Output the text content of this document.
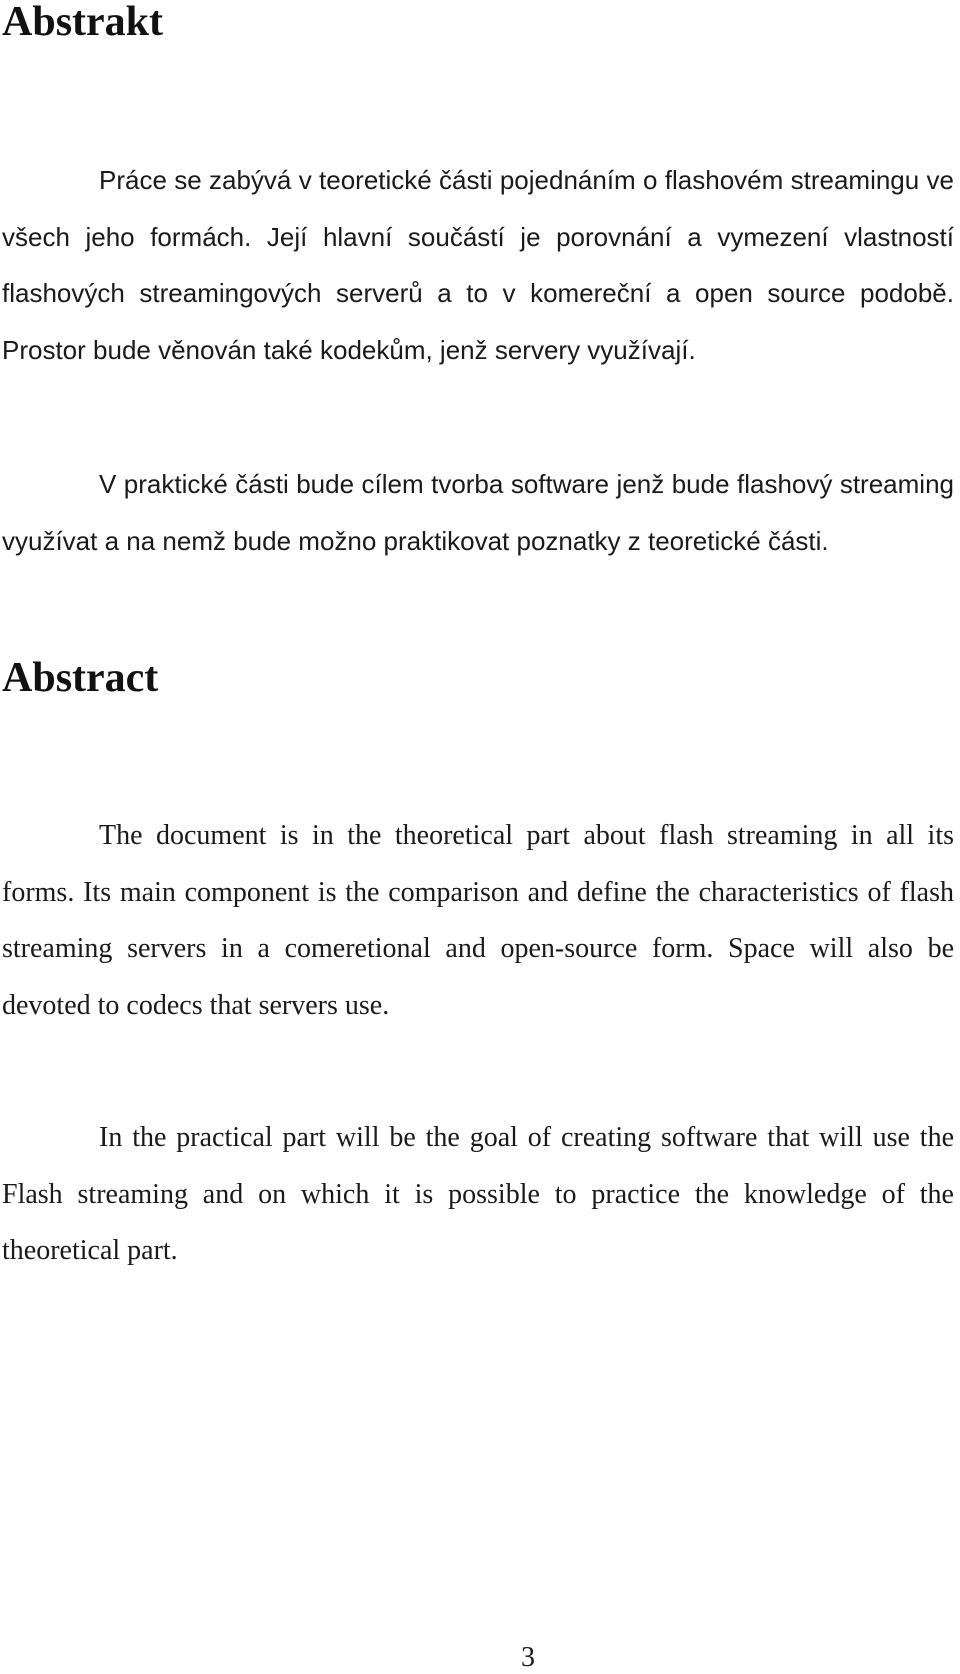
Abstrakt

Práce se zabývá v teoretické části pojednáním o flashovém streamingu ve všech jeho formách. Její hlavní součástí je porovnání a vymezení vlastností flashových streamingových serverů a to v komereční a open source podobě. Prostor bude věnován také kodekům, jenž servery využívají.

V praktické části bude cílem tvorba software jenž bude flashový streaming využívat a na nemž bude možno praktikovat poznatky z teoretické části.

Abstract

The document is in the theoretical part about flash streaming in all its forms. Its main component is the comparison and define the characteristics of flash streaming servers in a comeretional and open-source form. Space will also be devoted to codecs that servers use.

In the practical part will be the goal of creating software that will use the Flash streaming and on which it is possible to practice the knowledge of the theoretical part.

3
